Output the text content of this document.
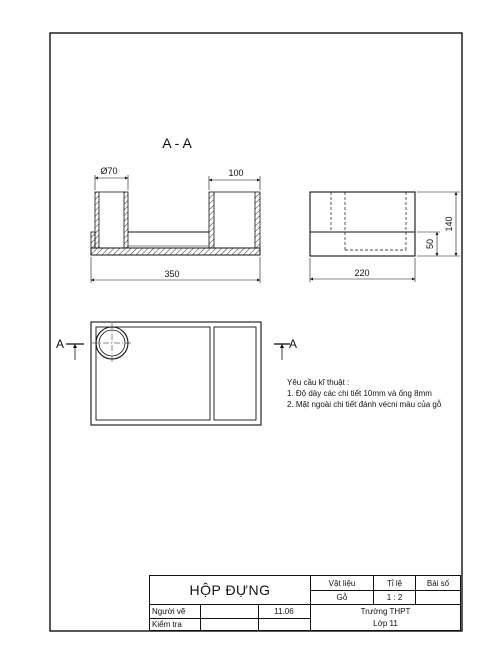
A - A
Ø70	100
350	220
140
50
A	A
Yêu cầu kĩ thuật :
1. Độ dày các chi tiết 10mm và ống 8mm
2. Mặt ngoài chi tiết đánh vécni màu của gỗ
HỘP ĐỰNG	Vật liệu	Tỉ lệ	Bài số
Gỗ	1 : 2
Người vẽ	11.06
Kiểm tra
Trường THPT
Lớp 11
